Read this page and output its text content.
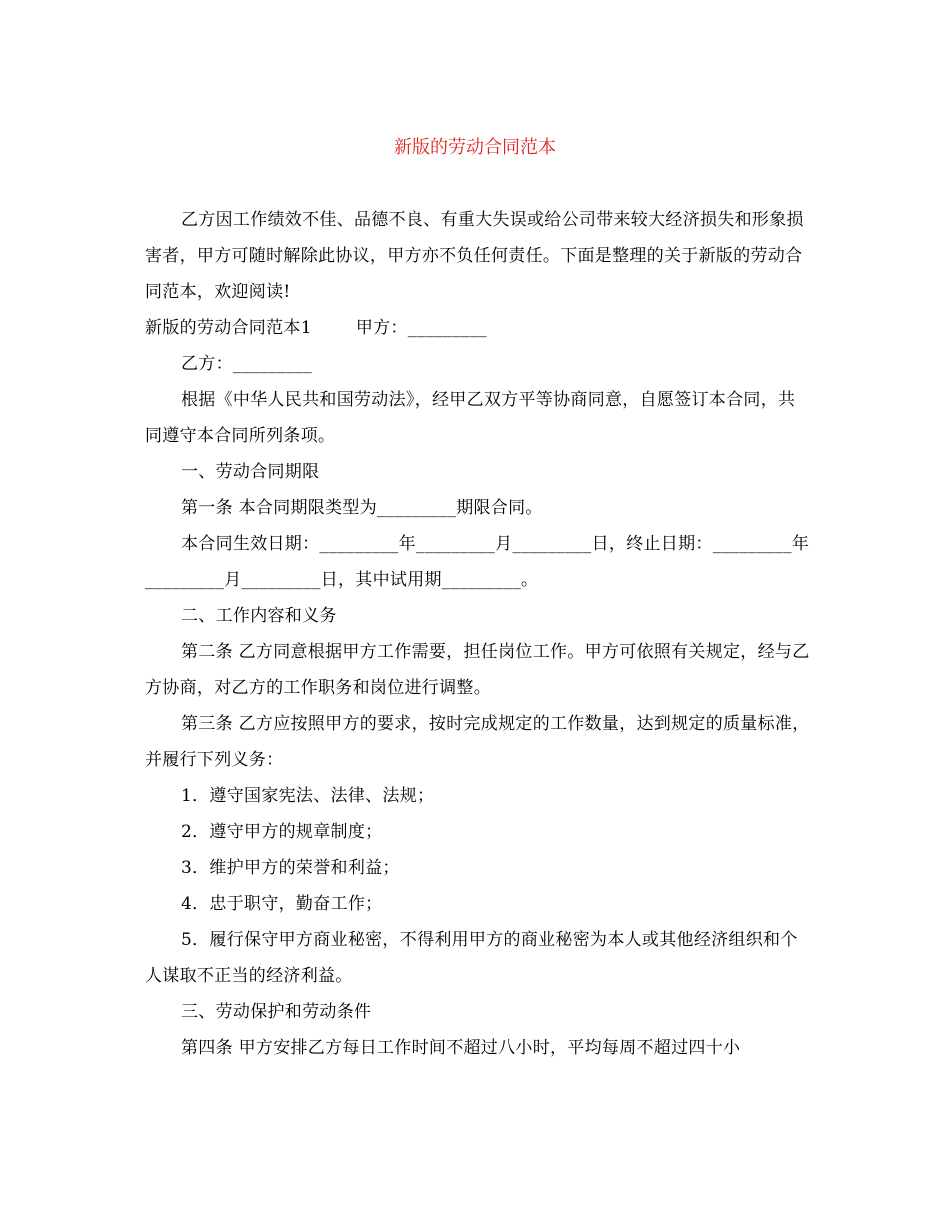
新版的劳动合同范本

乙方因工作绩效不佳、品德不良、有重大失误或给公司带来较大经济损失和形象损害者，甲方可随时解除此协议，甲方亦不负任何责任。下面是整理的关于新版的劳动合同范本，欢迎阅读!

新版的劳动合同范本1	甲方：_________

乙方：_________

根据《中华人民共和国劳动法》，经甲乙双方平等协商同意，自愿签订本合同，共同遵守本合同所列条项。

一、劳动合同期限

第一条 本合同期限类型为_________期限合同。

本合同生效日期：_________年_________月_________日，终止日期：_________年_________月_________日，其中试用期_________。

二、工作内容和义务

第二条 乙方同意根据甲方工作需要，担任岗位工作。甲方可依照有关规定，经与乙方协商，对乙方的工作职务和岗位进行调整。

第三条 乙方应按照甲方的要求，按时完成规定的工作数量，达到规定的质量标准，并履行下列义务：

1．遵守国家宪法、法律、法规；

2．遵守甲方的规章制度；

3．维护甲方的荣誉和利益；

4．忠于职守，勤奋工作；

5．履行保守甲方商业秘密，不得利用甲方的商业秘密为本人或其他经济组织和个人谋取不正当的经济利益。

三、劳动保护和劳动条件

第四条 甲方安排乙方每日工作时间不超过八小时，平均每周不超过四十小
